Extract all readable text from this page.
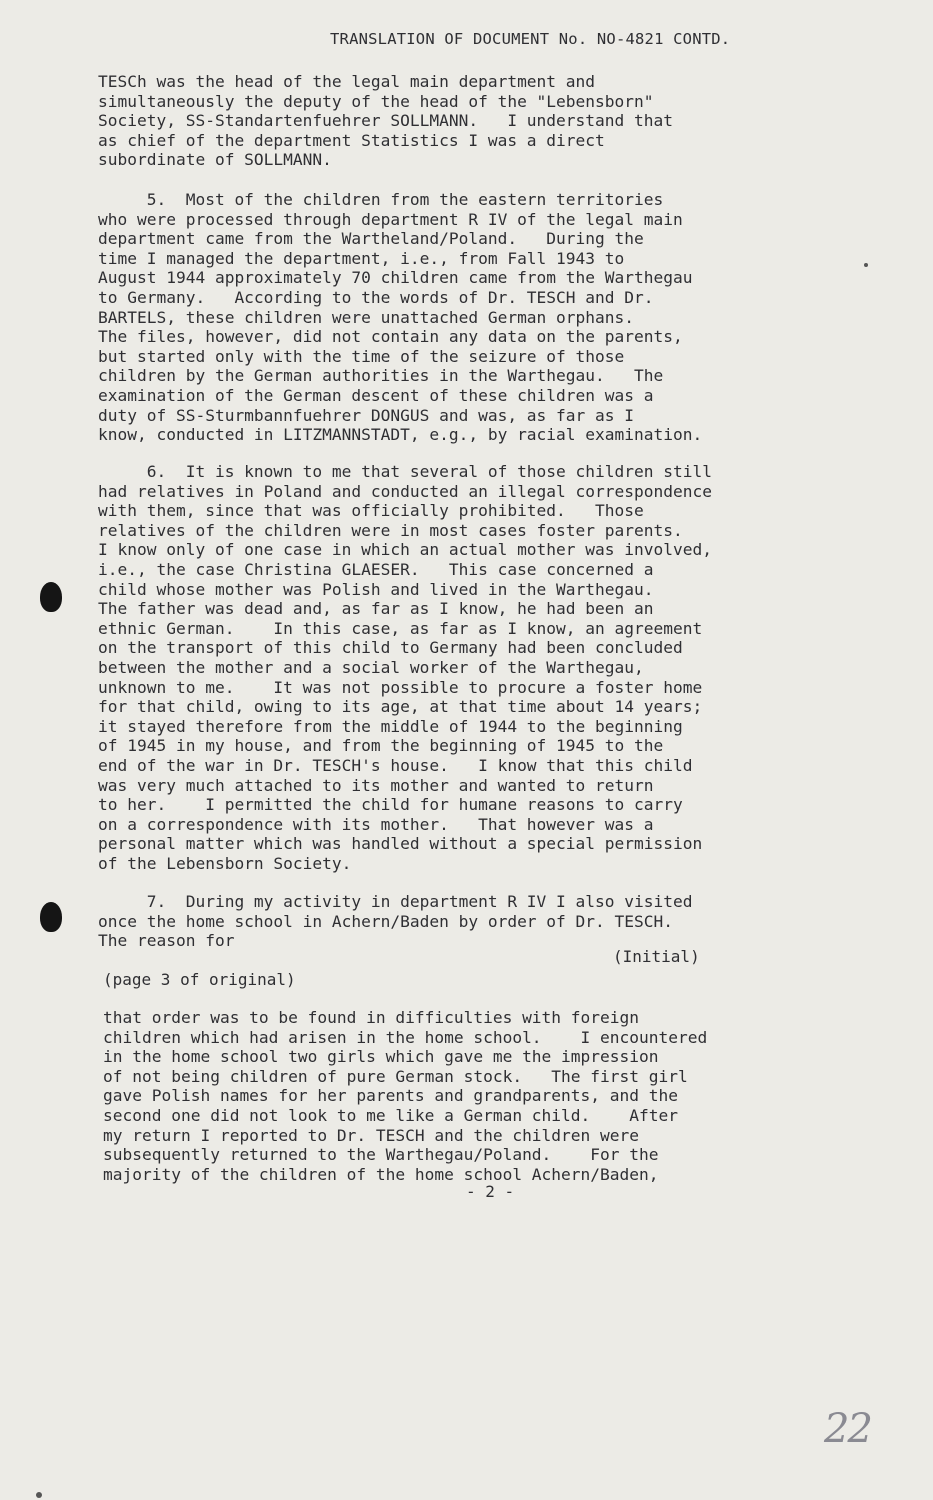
TRANSLATION OF DOCUMENT No. NO-4821 CONTD.
TESCh was the head of the legal main department and
simultaneously the deputy of the head of the "Lebensborn"
Society, SS-Standartenfuehrer SOLLMANN.   I understand that
as chief of the department Statistics I was a direct
subordinate of SOLLMANN.
5.  Most of the children from the eastern territories
who were processed through department R IV of the legal main
department came from the Wartheland/Poland.   During the
time I managed the department, i.e., from Fall 1943 to
August 1944 approximately 70 children came from the Warthegau
to Germany.   According to the words of Dr. TESCH and Dr.
BARTELS, these children were unattached German orphans.
The files, however, did not contain any data on the parents,
but started only with the time of the seizure of those
children by the German authorities in the Warthegau.   The
examination of the German descent of these children was a
duty of SS-Sturmbannfuehrer DONGUS and was, as far as I
know, conducted in LITZMANNSTADT, e.g., by racial examination.
6.  It is known to me that several of those children still
had relatives in Poland and conducted an illegal correspondence
with them, since that was officially prohibited.   Those
relatives of the children were in most cases foster parents.
I know only of one case in which an actual mother was involved,
i.e., the case Christina GLAESER.   This case concerned a
child whose mother was Polish and lived in the Warthegau.
The father was dead and, as far as I know, he had been an
ethnic German.    In this case, as far as I know, an agreement
on the transport of this child to Germany had been concluded
between the mother and a social worker of the Warthegau,
unknown to me.    It was not possible to procure a foster home
for that child, owing to its age, at that time about 14 years;
it stayed therefore from the middle of 1944 to the beginning
of 1945 in my house, and from the beginning of 1945 to the
end of the war in Dr. TESCH's house.   I know that this child
was very much attached to its mother and wanted to return
to her.    I permitted the child for humane reasons to carry
on a correspondence with its mother.   That however was a
personal matter which was handled without a special permission
of the Lebensborn Society.
7.  During my activity in department R IV I also visited
once the home school in Achern/Baden by order of Dr. TESCH.
The reason for
(Initial)
(page 3 of original)
that order was to be found in difficulties with foreign
children which had arisen in the home school.    I encountered
in the home school two girls which gave me the impression
of not being children of pure German stock.   The first girl
gave Polish names for her parents and grandparents, and the
second one did not look to me like a German child.    After
my return I reported to Dr. TESCH and the children were
subsequently returned to the Warthegau/Poland.    For the
majority of the children of the home school Achern/Baden,
- 2 -
22
